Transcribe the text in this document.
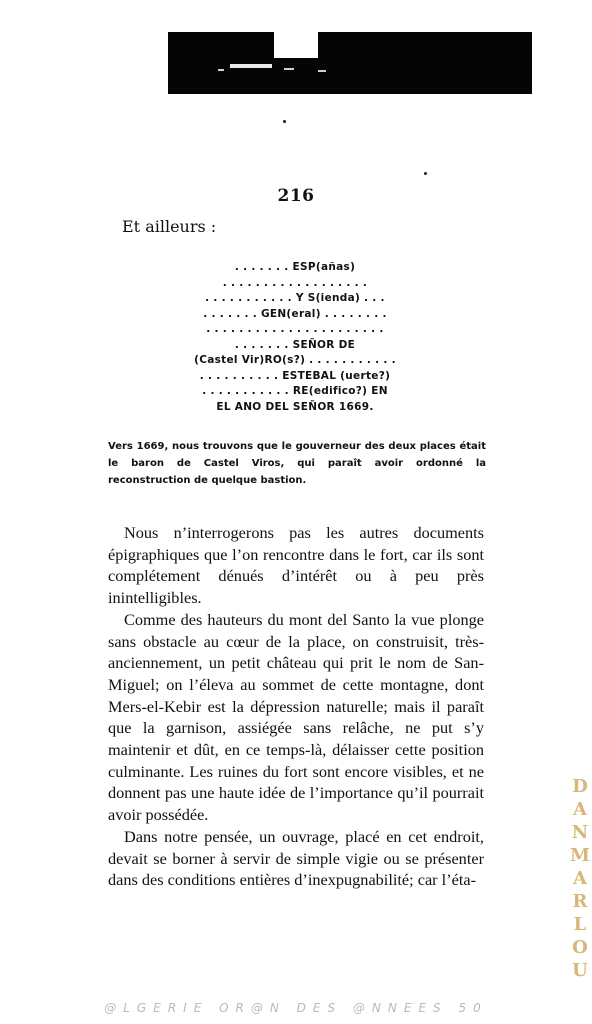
216
Et ailleurs :
. . . . . . . ESP(añas)
. . . . . . . . . . . . . . . . . .
. . . . . . . . . . . Y S(ienda) . . .
. . . . . . . GEN(eral) . . . . . . . .
. . . . . . . . . . . . . . . . . . . . . .
. . . . . . . SEÑOR DE
(Castel Vir)RO(s?) . . . . . . . . . . .
. . . . . . . . . . ESTEBAL (uerte?)
. . . . . . . . . . . RE(edifico?) EN
EL ANO DEL SEÑOR 1669.
Vers 1669, nous trouvons que le gouverneur des deux places était le baron de Castel Viros, qui paraît avoir ordonné la reconstruction de quelque bastion.

Nous n’interrogerons pas les autres documents épigraphiques que l’on rencontre dans le fort, car ils sont complétement dénués d’intérêt ou à peu près inintelligibles.

Comme des hauteurs du mont del Santo la vue plonge sans obstacle au cœur de la place, on construisit, très-anciennement, un petit château qui prit le nom de San-Miguel; on l’éleva au sommet de cette montagne, dont Mers-el-Kebir est la dépression naturelle; mais il paraît que la garnison, assiégée sans relâche, ne put s’y maintenir et dût, en ce temps-là, délaisser cette position culminante. Les ruines du fort sont encore visibles, et ne donnent pas une haute idée de l’importance qu’il pourrait avoir possédée.

Dans notre pensée, un ouvrage, placé en cet endroit, devait se borner à servir de simple vigie ou se présenter dans des conditions entières d’inexpugnabilité; car l’éta-

DANMARLOU
@LGERIE OR@N DES @NNEES 50
